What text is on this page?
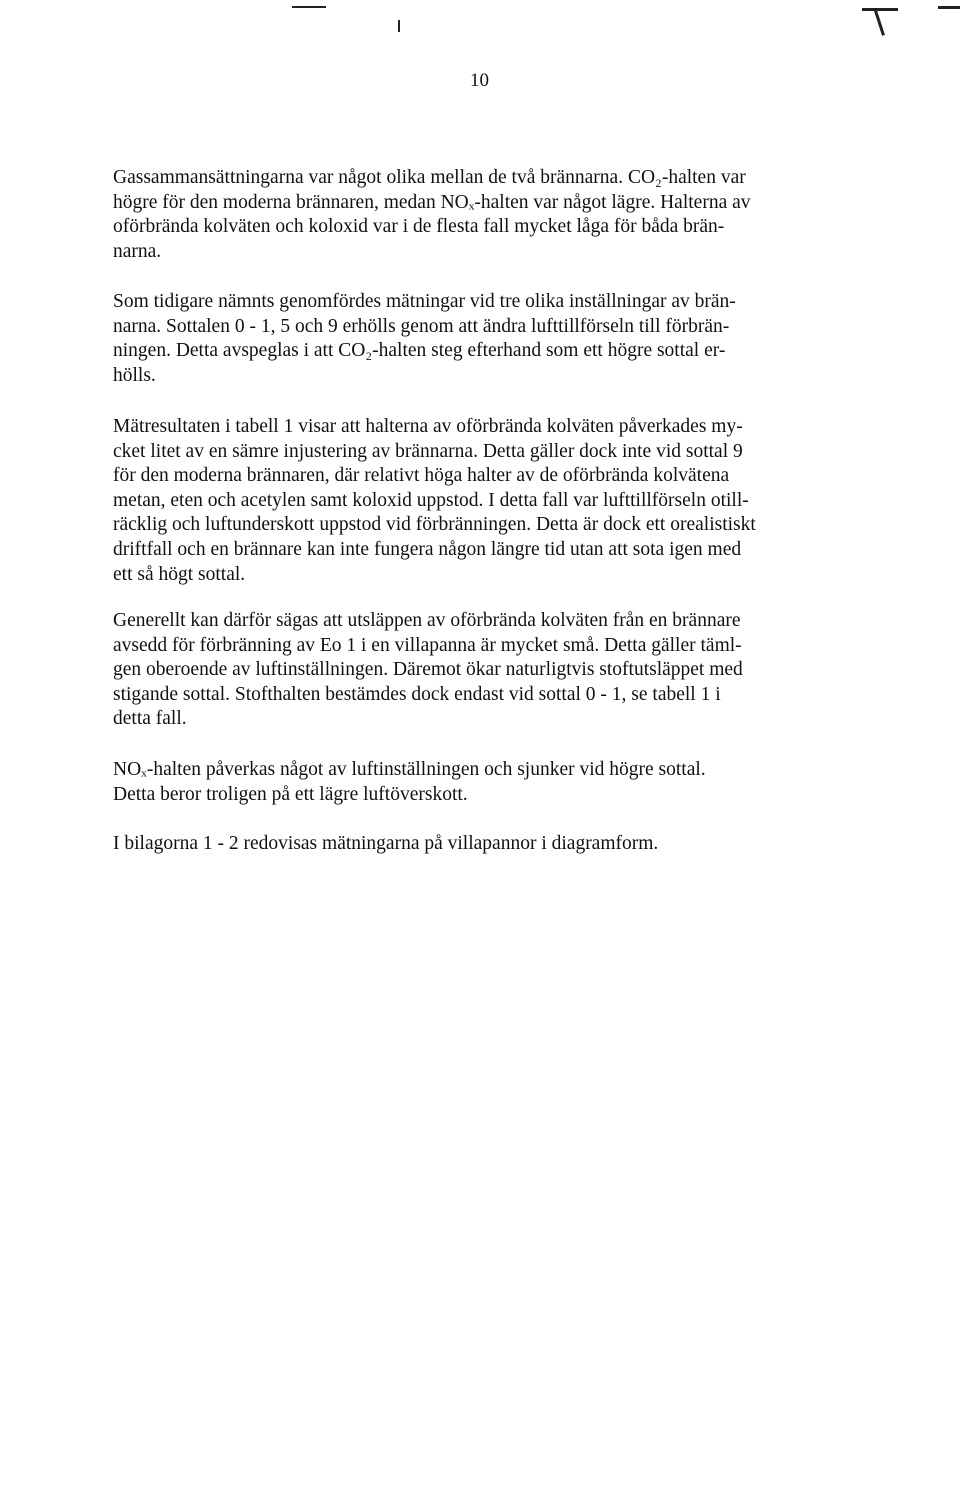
10
Gassammansättningarna var något olika mellan de två brännarna. CO₂-halten var
högre för den moderna brännaren, medan NOₓ-halten var något lägre. Halterna av
oförbrända kolväten och koloxid var i de flesta fall mycket låga för båda brän-
narna.
Som tidigare nämnts genomfördes mätningar vid tre olika inställningar av brän-
narna. Sottalen 0 - 1, 5 och 9 erhölls genom att ändra lufttillförseln till förbrän-
ningen. Detta avspeglas i att CO₂-halten steg efterhand som ett högre sottal er-
hölls.
Mätresultaten i tabell 1 visar att halterna av oförbrända kolväten påverkades my-
cket litet av en sämre injustering av brännarna. Detta gäller dock inte vid sottal 9
för den moderna brännaren, där relativt höga halter av de oförbrända kolvätena
metan, eten och acetylen samt koloxid uppstod. I detta fall var lufttillförseln otill-
räcklig och luftunderskott uppstod vid förbränningen. Detta är dock ett orealistiskt
driftfall och en brännare kan inte fungera någon längre tid utan att sota igen med
ett så högt sottal.
Generellt kan därför sägas att utsläppen av oförbrända kolväten från en brännare
avsedd för förbränning av Eo 1 i en villapanna är mycket små. Detta gäller täml-
gen oberoende av luftinställningen. Däremot ökar naturligtvis stoftutsläppet med
stigande sottal. Stofthalten bestämdes dock endast vid sottal 0 - 1, se tabell 1 i
detta fall.
NOₓ-halten påverkas något av luftinställningen och sjunker vid högre sottal.
Detta beror troligen på ett lägre luftöverskott.
I bilagorna 1 - 2 redovisas mätningarna på villapannor i diagramform.
